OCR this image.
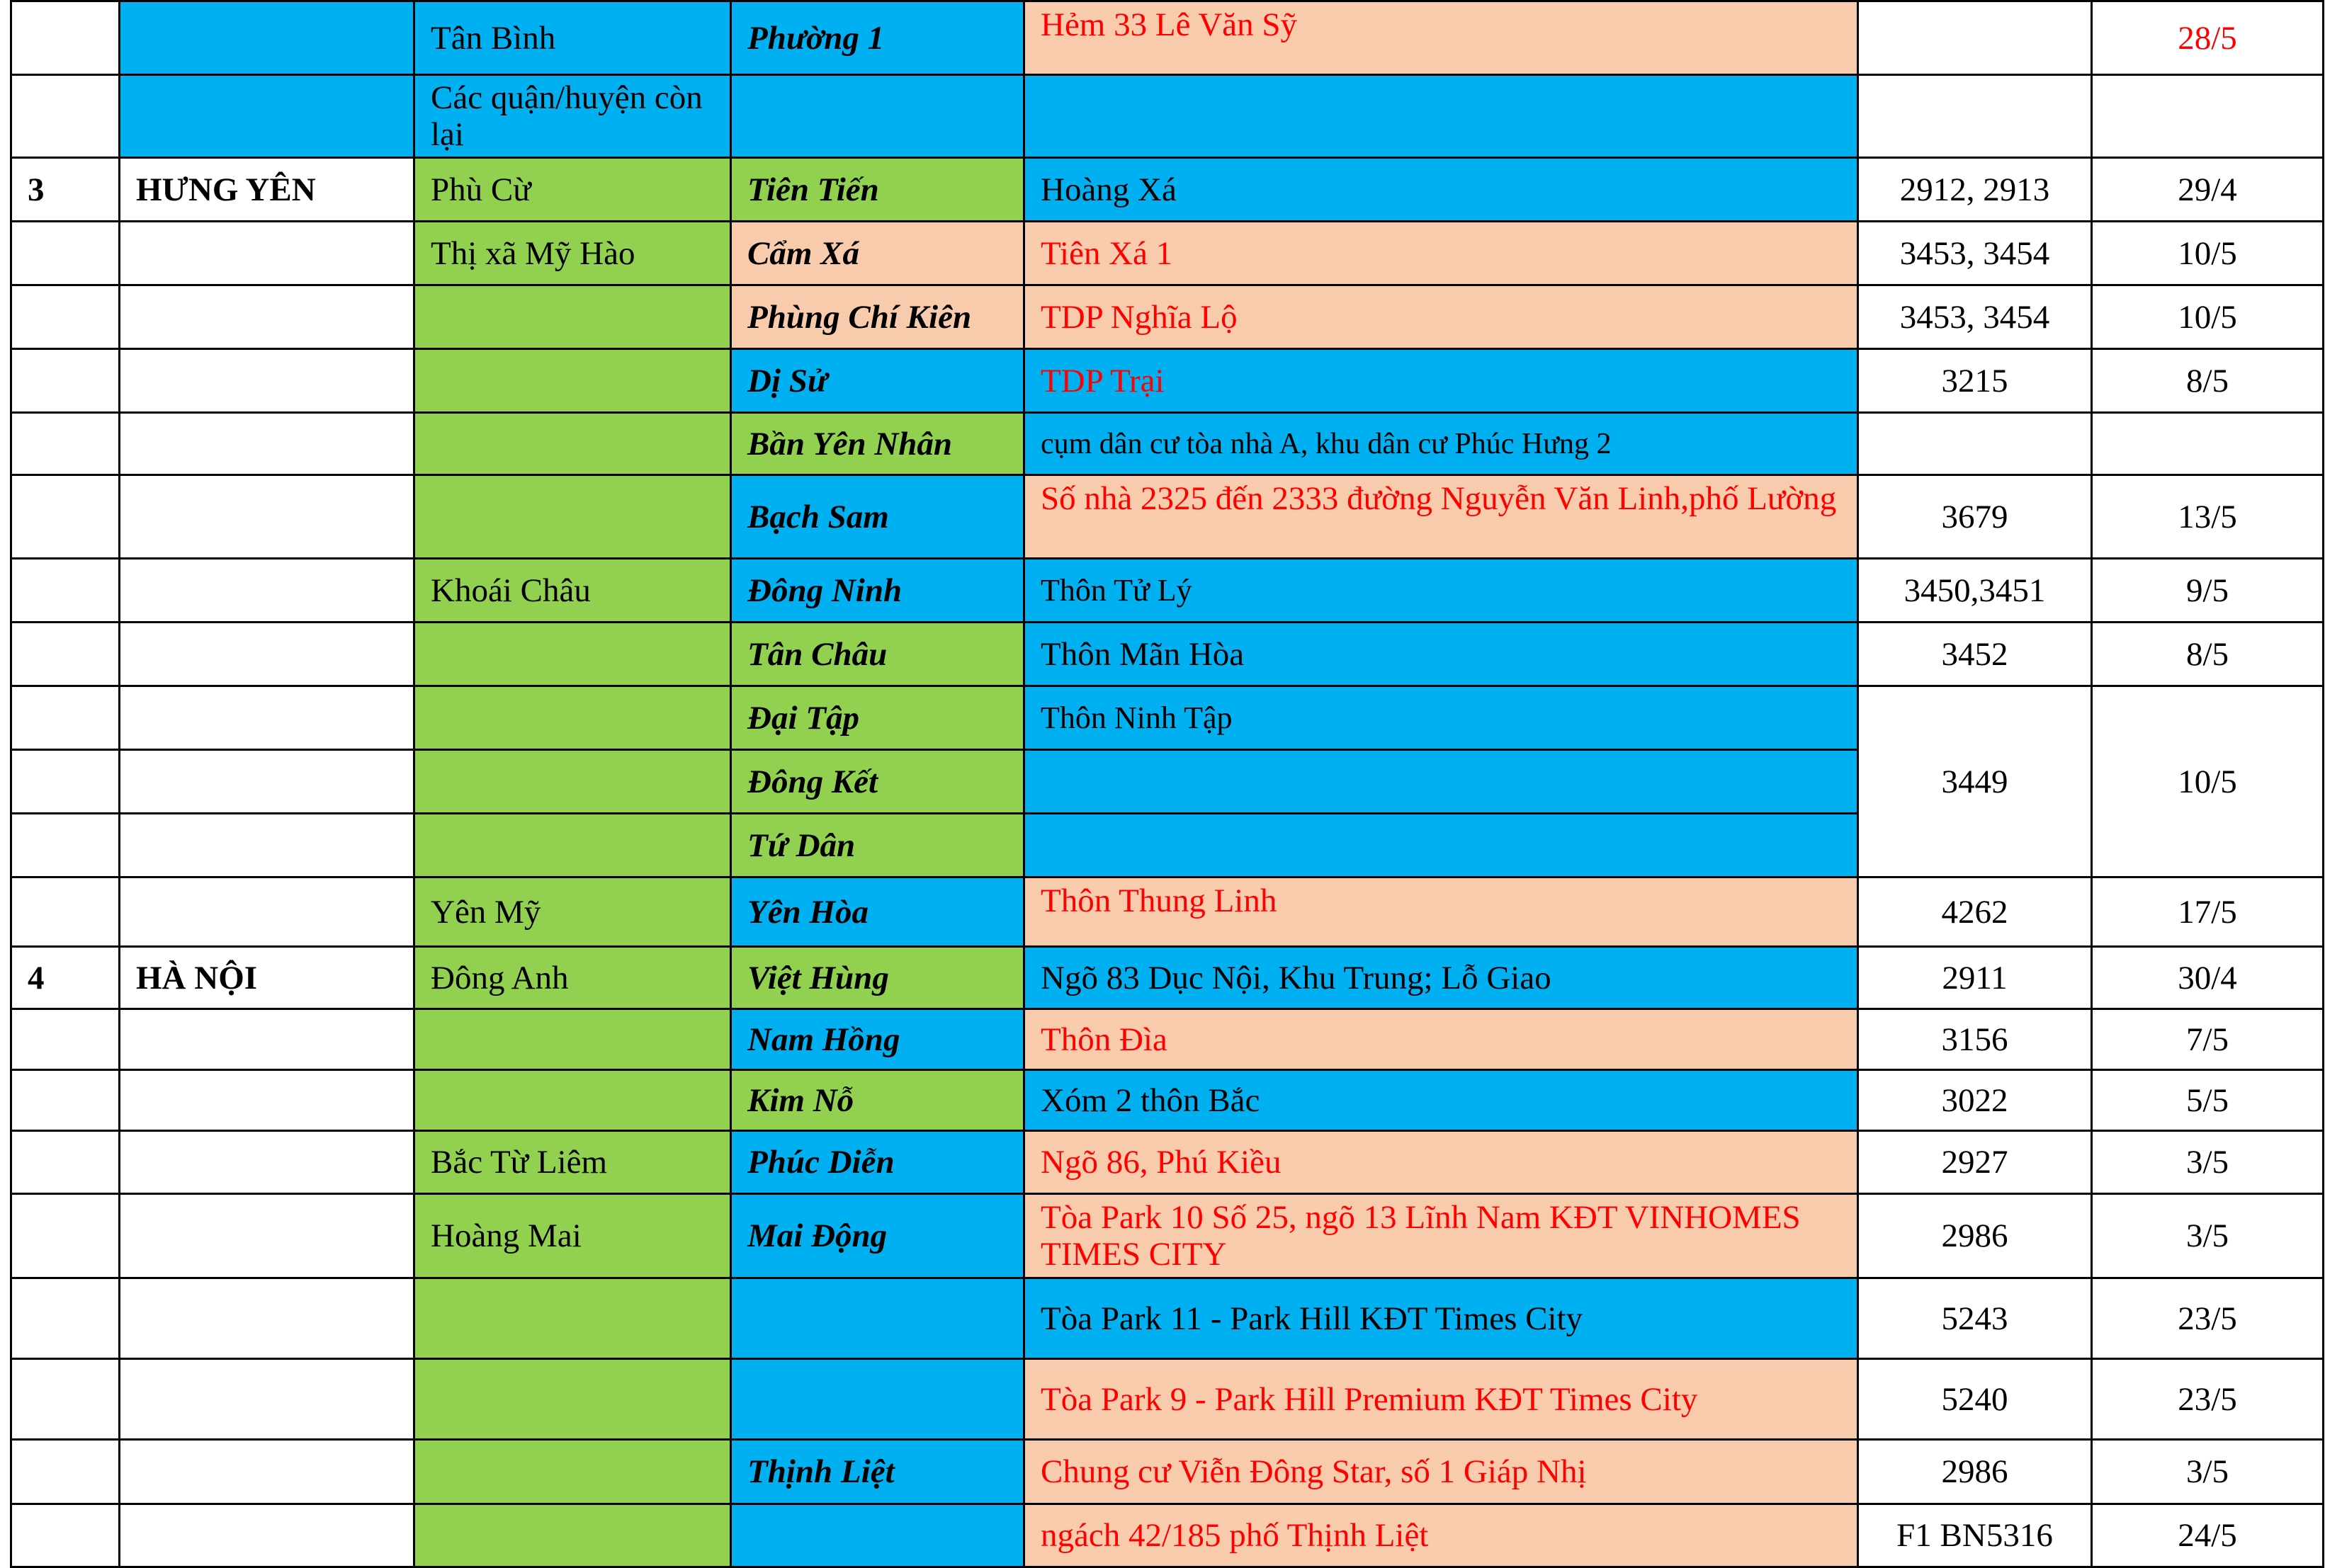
		Tân Bình	Phường 1	Hẻm 33 Lê Văn Sỹ		28/5
		Các quận/huyện còn lại				
3	HƯNG YÊN	Phù Cừ	Tiên Tiến	Hoàng Xá	2912, 2913	29/4
		Thị xã Mỹ Hào	Cẩm Xá	Tiên Xá 1	3453, 3454	10/5
			Phùng Chí Kiên	TDP Nghĩa Lộ	3453, 3454	10/5
			Dị Sử	TDP Trại	3215	8/5
			Bần Yên Nhân	cụm dân cư tòa nhà A, khu dân cư Phúc Hưng 2		
			Bạch Sam	Số nhà 2325 đến 2333 đường Nguyễn Văn Linh,phố Lường	3679	13/5
		Khoái Châu	Đông Ninh	Thôn Tử Lý	3450,3451	9/5
			Tân Châu	Thôn Mãn Hòa	3452	8/5
			Đại Tập	Thôn Ninh Tập	3449	10/5
			Đông Kết			
			Tứ Dân			
		Yên Mỹ	Yên Hòa	Thôn Thung Linh	4262	17/5
4	HÀ NỘI	Đông Anh	Việt Hùng	Ngõ 83 Dục Nội, Khu Trung; Lỗ Giao	2911	30/4
			Nam Hồng	Thôn Đìa	3156	7/5
			Kim Nỗ	Xóm 2 thôn Bắc	3022	5/5
		Bắc Từ Liêm	Phúc Diễn	Ngõ 86, Phú Kiều	2927	3/5
		Hoàng Mai	Mai Động	Tòa Park 10 Số 25, ngõ 13 Lĩnh Nam KĐT VINHOMES TIMES CITY	2986	3/5
				Tòa Park 11 - Park Hill KĐT Times City	5243	23/5
				Tòa Park 9 - Park Hill Premium KĐT Times City	5240	23/5
			Thịnh Liệt	Chung cư Viễn Đông Star, số 1 Giáp Nhị	2986	3/5
				ngách 42/185 phố Thịnh Liệt	F1 BN5316	24/5
